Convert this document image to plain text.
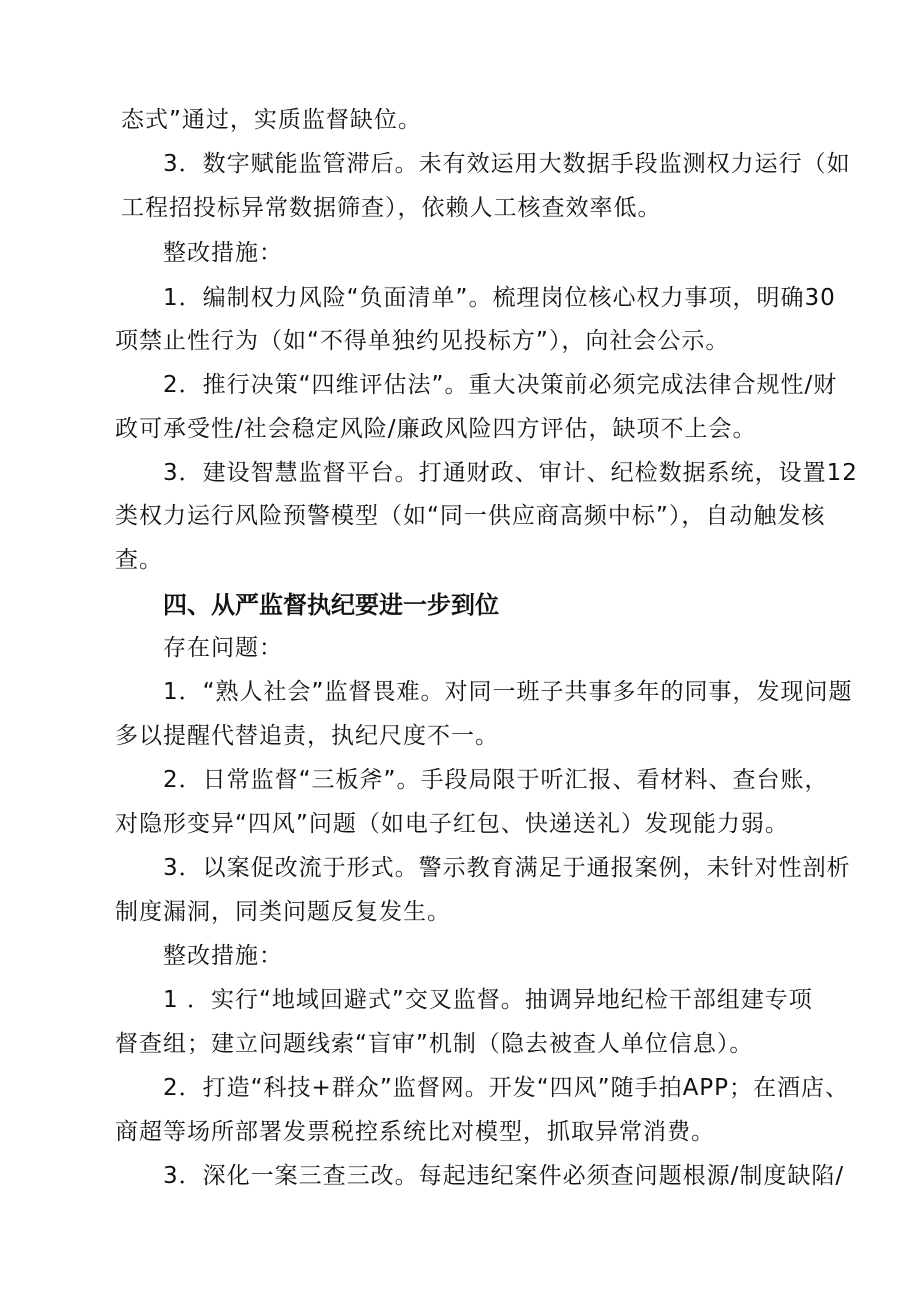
态式”通过，实质监督缺位。
3．数字赋能监管滞后。未有效运用大数据手段监测权力运行（如
工程招投标异常数据筛查），依赖人工核查效率低。
整改措施：
1．编制权力风险“负面清单”。梳理岗位核心权力事项，明确30
项禁止性行为（如“不得单独约见投标方”），向社会公示。
2．推行决策“四维评估法”。重大决策前必须完成法律合规性/财
政可承受性/社会稳定风险/廉政风险四方评估，缺项不上会。
3．建设智慧监督平台。打通财政、审计、纪检数据系统，设置12
类权力运行风险预警模型（如“同一供应商高频中标”），自动触发核
查。
四、从严监督执纪要进一步到位
存在问题：
1．“熟人社会”监督畏难。对同一班子共事多年的同事，发现问题
多以提醒代替追责，执纪尺度不一。
2．日常监督“三板斧”。手段局限于听汇报、看材料、查台账，
对隐形变异“四风”问题（如电子红包、快递送礼）发现能力弱。
3．以案促改流于形式。警示教育满足于通报案例，未针对性剖析
制度漏洞，同类问题反复发生。
整改措施：
1 ．实行“地域回避式”交叉监督。抽调异地纪检干部组建专项
督查组；建立问题线索“盲审”机制（隐去被查人单位信息）。
2．打造“科技+群众”监督网。开发“四风”随手拍APP；在酒店、
商超等场所部署发票税控系统比对模型，抓取异常消费。
3．深化一案三查三改。每起违纪案件必须查问题根源/制度缺陷/
